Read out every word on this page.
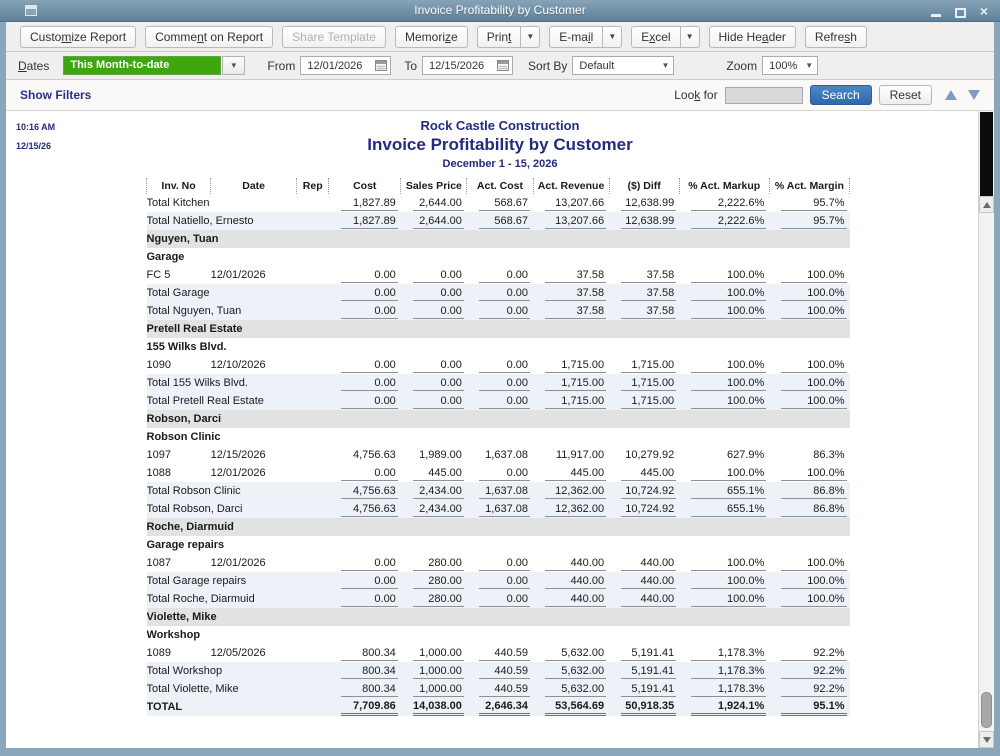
Invoice Profitability by Customer	×
Customize Report	Comment on Report	Share Template	Memorize	Print	▼	E-mail	▼	Excel	▼	Hide Header	Refresh
Dates	This Month-to-date	▼	From 12/01/2026	To 12/15/2026	Sort By Default	▼	Zoom 100%	▼
Show Filters	Look for	Search	Reset
10:16 AM
12/15/26
Rock Castle Construction
Invoice Profitability by Customer
December 1 - 15, 2026
Inv. No	Date	Rep	Cost	Sales Price	Act. Cost	Act. Revenue	($) Diff	% Act. Markup	% Act. Margin
Total Kitchen			1,827.89	2,644.00	568.67	13,207.66	12,638.99	2,222.6%	95.7%

Total Natiello, Ernesto			1,827.89	2,644.00	568.67	13,207.66	12,638.99	2,222.6%	95.7%

Nguyen, Tuan									
Garage									
FC 5	12/01/2026		0.00	0.00	0.00	37.58	37.58	100.0%	100.0%

Total Garage			0.00	0.00	0.00	37.58	37.58	100.0%	100.0%

Total Nguyen, Tuan			0.00	0.00	0.00	37.58	37.58	100.0%	100.0%

Pretell Real Estate									
155 Wilks Blvd.									
1090	12/10/2026		0.00	0.00	0.00	1,715.00	1,715.00	100.0%	100.0%

Total 155 Wilks Blvd.			0.00	0.00	0.00	1,715.00	1,715.00	100.0%	100.0%

Total Pretell Real Estate			0.00	0.00	0.00	1,715.00	1,715.00	100.0%	100.0%

Robson, Darci									
Robson Clinic									
1097	12/15/2026		4,756.63	1,989.00	1,637.08	11,917.00	10,279.92	627.9%	86.3%

1088	12/01/2026		0.00	445.00	0.00	445.00	445.00	100.0%	100.0%

Total Robson Clinic			4,756.63	2,434.00	1,637.08	12,362.00	10,724.92	655.1%	86.8%

Total Robson, Darci			4,756.63	2,434.00	1,637.08	12,362.00	10,724.92	655.1%	86.8%

Roche, Diarmuid									
Garage repairs									
1087	12/01/2026		0.00	280.00	0.00	440.00	440.00	100.0%	100.0%

Total Garage repairs			0.00	280.00	0.00	440.00	440.00	100.0%	100.0%

Total Roche, Diarmuid			0.00	280.00	0.00	440.00	440.00	100.0%	100.0%

Violette, Mike									
Workshop									
1089	12/05/2026		800.34	1,000.00	440.59	5,632.00	5,191.41	1,178.3%	92.2%

Total Workshop			800.34	1,000.00	440.59	5,632.00	5,191.41	1,178.3%	92.2%

Total Violette, Mike			800.34	1,000.00	440.59	5,632.00	5,191.41	1,178.3%	92.2%

TOTAL			7,709.86	14,038.00	2,646.34	53,564.69	50,918.35	1,924.1%	95.1%
